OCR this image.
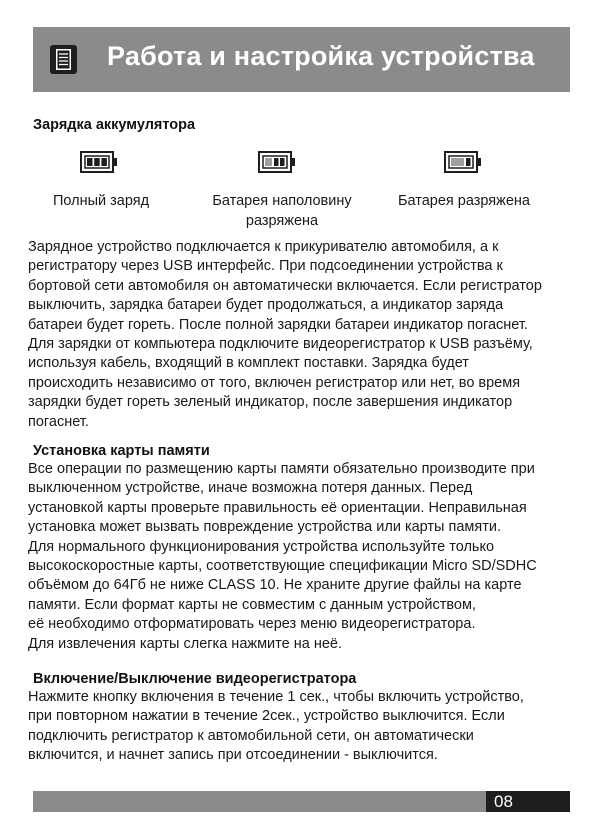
Работа и настройка устройства
Зарядка аккумулятора
Полный заряд	Батарея наполовину
разряжена
Батарея разряжена
Зарядное устройство подключается к прикуривателю автомобиля, а к
регистратору через USB интерфейс. При подсоединении устройства к
бортовой сети автомобиля он автоматически включается. Если регистратор
выключить, зарядка батареи будет продолжаться, а индикатор заряда
батареи будет гореть. После полной зарядки батареи индикатор погаснет.
Для зарядки от компьютера подключите видеорегистратор к USB разъёму,
используя кабель, входящий в комплект поставки. Зарядка будет
происходить независимо от того, включен регистратор или нет, во время
зарядки будет гореть зеленый индикатор, после завершения индикатор
погаснет.
Установка карты памяти
Все операции по размещению карты памяти обязательно производите при
выключенном устройстве, иначе возможна потеря данных. Перед
установкой карты проверьте правильность её ориентации. Неправильная
установка может вызвать повреждение устройства или карты памяти.
Для нормального функционирования устройства используйте только
высокоскоростные карты, соответствующие спецификации Micro SD/SDHC
объёмом до 64Гб не ниже CLASS 10. Не храните другие файлы на карте
памяти. Если формат карты не совместим с данным устройством,
её необходимо отформатировать через меню видеорегистратора.
Для извлечения карты слегка нажмите на неё.
Включение/Выключение видеорегистратора
Нажмите кнопку включения в течение 1 сек., чтобы включить устройство,
при повторном нажатии в течение 2сек., устройство выключится. Если
подключить регистратор к автомобильной сети, он автоматически
включится, и начнет запись при отсоединении - выключится.
08
